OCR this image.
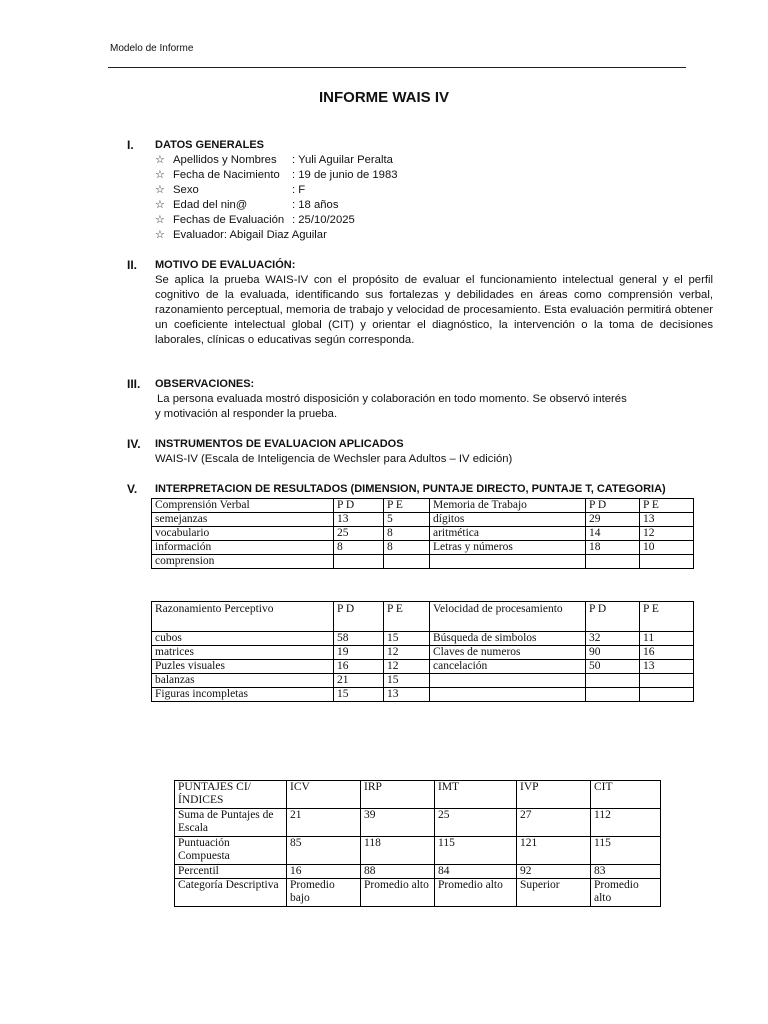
Modelo de Informe
INFORME WAIS IV
I. DATOS GENERALES
☆ Apellidos y Nombres : Yuli Aguilar Peralta
☆ Fecha de Nacimiento : 19 de junio de 1983
☆ Sexo	: F
☆ Edad del nin@	: 18 años
☆ Fechas de Evaluación : 25/10/2025
☆ Evaluador: Abigail Diaz Aguilar
II. MOTIVO DE EVALUACIÓN:
Se aplica la prueba WAIS-IV con el propósito de evaluar el funcionamiento intelectual general y el perfil cognitivo de la evaluada, identificando sus fortalezas y debilidades en áreas como comprensión verbal, razonamiento perceptual, memoria de trabajo y velocidad de procesamiento. Esta evaluación permitirá obtener un coeficiente intelectual global (CIT) y orientar el diagnóstico, la intervención o la toma de decisiones laborales, clínicas o educativas según corresponda.
III. OBSERVACIONES:
La persona evaluada mostró disposición y colaboración en todo momento. Se observó interés
y motivación al responder la prueba.
IV. INSTRUMENTOS DE EVALUACION APLICADOS
WAIS-IV (Escala de Inteligencia de Wechsler para Adultos – IV edición)
V. INTERPRETACION DE RESULTADOS (DIMENSION, PUNTAJE DIRECTO, PUNTAJE T, CATEGORIA)
Comprensión Verbal	P D	P E	Memoria de Trabajo	P D	P E
semejanzas	13	5	dígitos	29	13
vocabulario	25	8	aritmética	14	12
información	8	8	Letras y números	18	10
comprension					
Razonamiento Perceptivo	P D	P E	Velocidad de procesamiento	P D	P E
cubos	58	15	Búsqueda de simbolos	32	11
matrices	19	12	Claves de numeros	90	16
Puzles visuales	16	12	cancelación	50	13
balanzas	21	15			
Figuras incompletas	15	13			
PUNTAJES CI/ÍNDICES	ICV	IRP	IMT	IVP	CIT
Suma de Puntajes de Escala	21	39	25	27	112
Puntuación Compuesta	85	118	115	121	115
Percentil	16	88	84	92	83
Categoría Descriptiva	Promedio bajo	Promedio alto	Promedio alto	Superior	Promedio alto
